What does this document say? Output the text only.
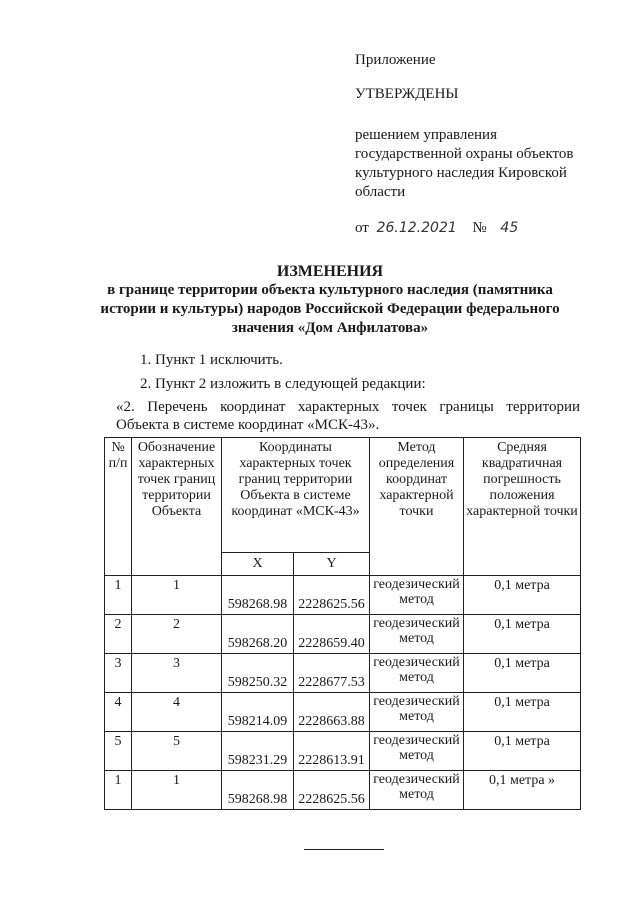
Приложение
УТВЕРЖДЕНЫ
решением управления
государственной охраны объектов
культурного наследия Кировской
области
от 26.12.2021 № 45
ИЗМЕНЕНИЯ
в границе территории объекта культурного наследия (памятника
истории и культуры) народов Российской Федерации федерального
значения «Дом Анфилатова»
1. Пункт 1 исключить.
2. Пункт 2 изложить в следующей редакции:
«2. Перечень координат характерных точек границы территории
Объекта в системе координат «МСК-43».
№ п/п	Обозначение характерных точек границ территории Объекта	Координаты характерных точек границ территории Объекта в системе координат «МСК-43»		Метод определения координат характерной точки	Средняя квадратичная погрешность положения характерной точки
		X	Y		
1	1	598268.98	2228625.56	геодезический метод	0,1 метра
2	2	598268.20	2228659.40	геодезический метод	0,1 метра
3	3	598250.32	2228677.53	геодезический метод	0,1 метра
4	4	598214.09	2228663.88	геодезический метод	0,1 метра
5	5	598231.29	2228613.91	геодезический метод	0,1 метра
1	1	598268.98	2228625.56	геодезический метод	0,1 метра »
